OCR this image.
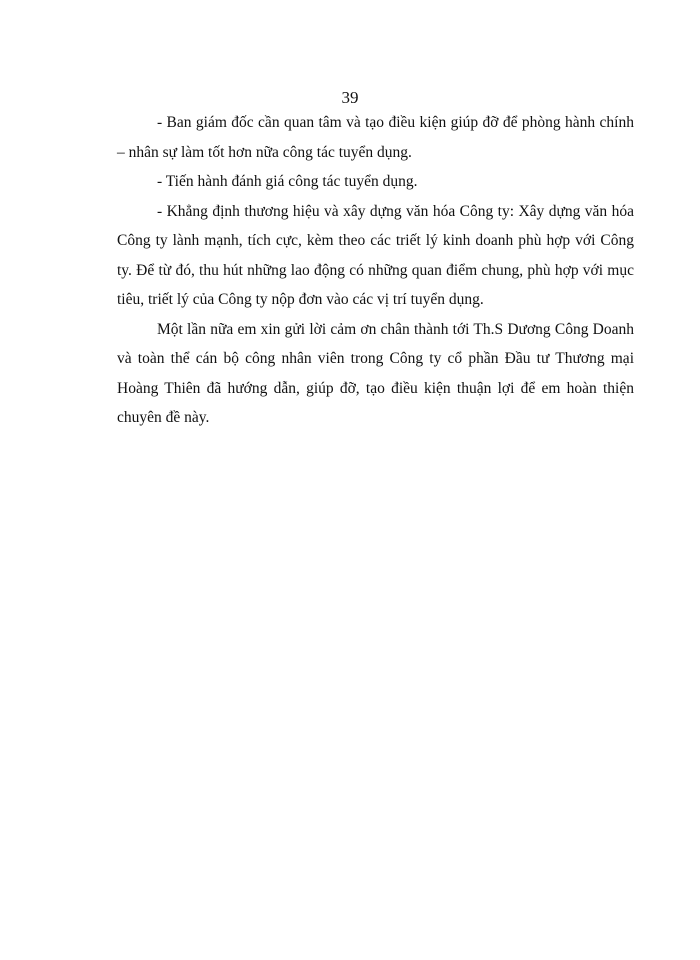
39

- Ban giám đốc cần quan tâm và tạo điều kiện giúp đỡ để phòng hành chính – nhân sự làm tốt hơn nữa công tác tuyển dụng.

- Tiến hành đánh giá công tác tuyển dụng.

- Khẳng định thương hiệu và xây dựng văn hóa Công ty: Xây dựng văn hóa Công ty lành mạnh, tích cực, kèm theo các triết lý kinh doanh phù hợp với Công ty. Để từ đó, thu hút những lao động có những quan điểm chung, phù hợp với mục tiêu, triết lý của Công ty nộp đơn vào các vị trí tuyển dụng.

Một lần nữa em xin gửi lời cảm ơn chân thành tới Th.S Dương Công Doanh và toàn thể cán bộ công nhân viên trong Công ty cổ phần Đầu tư Thương mại Hoàng Thiên đã hướng dẫn, giúp đỡ, tạo điều kiện thuận lợi để em hoàn thiện chuyên đề này.
